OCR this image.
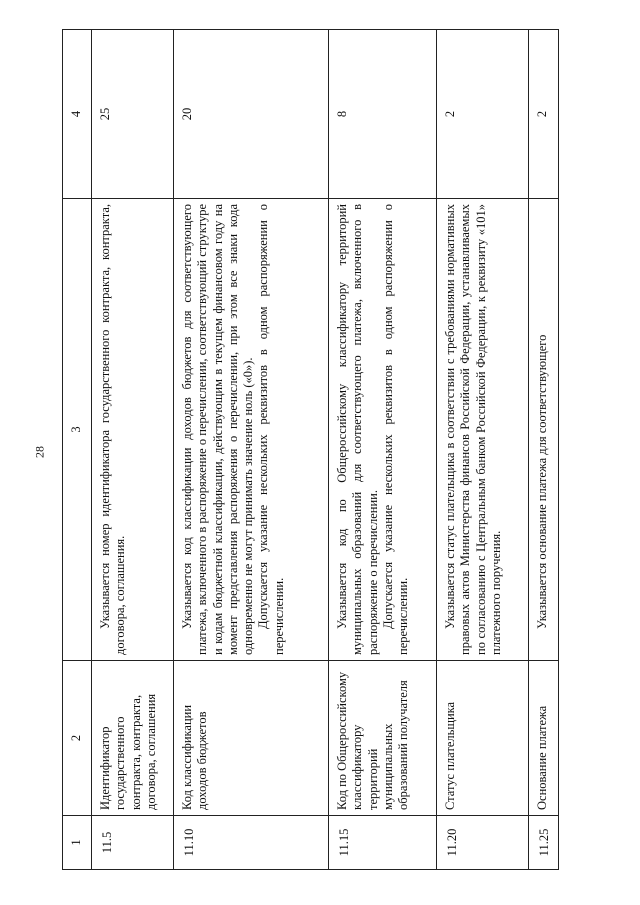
28
1	2	3	4
11.5	Идентификатор государственного контракта, контракта, договора, соглашения	Указывается номер идентификатора государственного контракта, контракта, договора, соглашения.	25
11.10	Код классификации доходов бюджетов	Указывается код классификации доходов бюджетов для соответствующего платежа, включенного в распоряжение о перечислении, соответствующий структуре и кодам бюджетной классификации, действующим в текущем финансовом году на момент представления распоряжения о перечислении, при этом все знаки кода одновременно не могут принимать значение ноль («0»). Допускается указание нескольких реквизитов в одном распоряжении о перечислении.	20
11.15	Код по Общероссийскому классификатору территорий муниципальных образований получателя	Указывается код по Общероссийскому классификатору территорий муниципальных образований для соответствующего платежа, включенного в распоряжение о перечислении. Допускается указание нескольких реквизитов в одном распоряжении о перечислении.	8
11.20	Статус плательщика	Указывается статус плательщика в соответствии с требованиями нормативных правовых актов Министерства финансов Российской Федерации, устанавливаемых по согласованию с Центральным банком Российской Федерации, к реквизиту «101» платежного поручения.	2
11.25	Основание платежа	Указывается основание платежа для соответствующего	2
